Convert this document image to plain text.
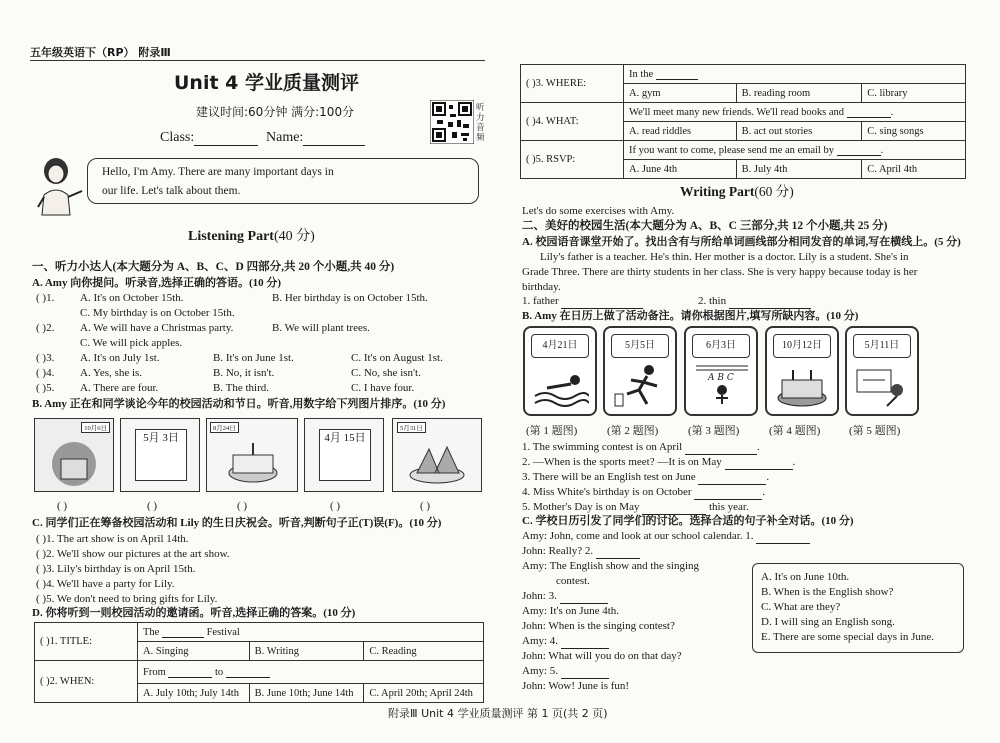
五年级英语下（RP） 附录Ⅲ
Unit 4 学业质量测评
建议时间:60分钟 满分:100分
Class:	Name:
听力音频
Hello, I'm Amy. There are many important days in
our life. Let's talk about them.
Listening Part(40 分)
一、听力小达人(本大题分为 A、B、C、D 四部分,共 20 个小题,共 40 分)
A. Amy 向你提问。听录音,选择正确的答语。(10 分)
( )1. A. It's on October 15th.	B. Her birthday is on October 15th.
C. My birthday is on October 15th.
( )2. A. We will have a Christmas party.	B. We will plant trees.
C. We will pick apples.
( )3. A. It's on July 1st.	B. It's on June 1st.	C. It's on August 1st.
( )4. A. Yes, she is.	B. No, it isn't.	C. No, she isn't.
( )5. A. There are four.	B. The third.	C. I have four.
B. Amy 正在和同学谈论今年的校园活动和节日。听音,用数字给下列图片排序。(10 分)
10月6日
5月 3日
8月24日
4月 15日
5月31日
( )	( )	( )	( )	( )
C. 同学们正在筹备校园活动和 Lily 的生日庆祝会。听音,判断句子正(T)误(F)。(10 分)
( )1. The art show is on April 14th.
( )2. We'll show our pictures at the art show.
( )3. Lily's birthday is on April 15th.
( )4. We'll have a party for Lily.
( )5. We don't need to bring gifts for Lily.
D. 你将听到一则校园活动的邀请函。听音,选择正确的答案。(10 分)
( )1. TITLE:	The Festival		
	A. Singing	B. Writing	C. Reading
( )2. WHEN:	From to		
	A. July 10th; July 14th	B. June 10th; June 14th	C. April 20th; April 24th
( )3. WHERE:	In the		
	A. gym	B. reading room	C. library
( )4. WHAT:	We'll meet many new friends. We'll read books and .		
	A. read riddles	B. act out stories	C. sing songs
( )5. RSVP:	If you want to come, please send me an email by .		
	A. June 4th	B. July 4th	C. April 4th
Writing Part(60 分)
Let's do some exercises with Amy.
二、美好的校园生活(本大题分为 A、B、C 三部分,共 12 个小题,共 25 分)
A. 校园语音课堂开始了。找出含有与所给单词画线部分相同发音的单词,写在横线上。(5 分)
Lily's father is a teacher. He's thin. Her mother is a doctor. Lily is a student. She's in
Grade Three. There are thirty students in her class. She is very happy because today is her
birthday.
1. father	2. thin
B. Amy 在日历上做了活动备注。请你根据图片,填写所缺内容。(10 分)
4月21日	5月5日	6月3日
A B C
10月12日	5月11日
(第 1 题图)	(第 2 题图)	(第 3 题图)	(第 4 题图)	(第 5 题图)
1. The swimming contest is on April	.
2. —When is the sports meet? —It is on May	.
3. There will be an English test on June	.
4. Miss White's birthday is on October	.
5. Mother's Day is on May	this year.
C. 学校日历引发了同学们的讨论。选择合适的句子补全对话。(10 分)
Amy: John, come and look at our school calendar. 1.
John: Really? 2.
Amy: The English show and the singing
contest.
John: 3.
Amy: It's on June 4th.
John: When is the singing contest?
Amy: 4.
John: What will you do on that day?
Amy: 5.
John: Wow! June is fun!
A. It's on June 10th.
B. When is the English show?
C. What are they?
D. I will sing an English song.
E. There are some special days in June.
附录Ⅲ Unit 4 学业质量测评 第 1 页(共 2 页)
